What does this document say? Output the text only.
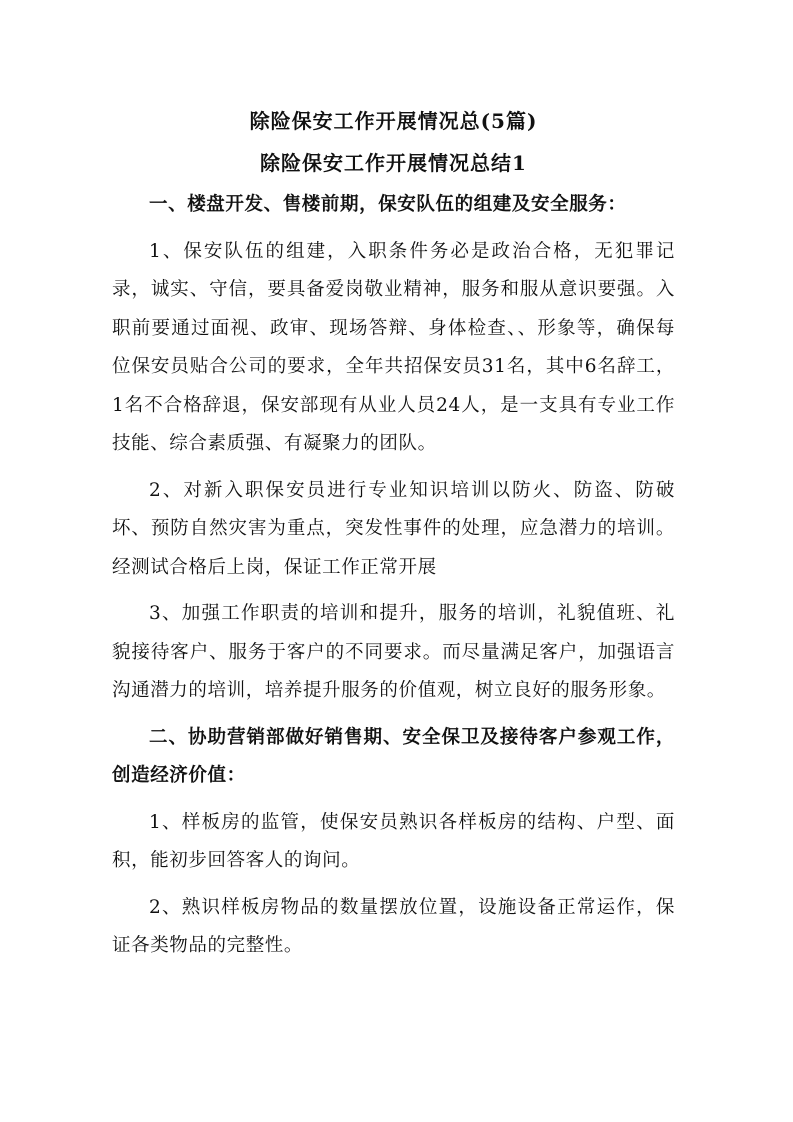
除险保安工作开展情况总(5篇)
除险保安工作开展情况总结1

一、楼盘开发、售楼前期，保安队伍的组建及安全服务：

1、保安队伍的组建，入职条件务必是政治合格，无犯罪记录，诚实、守信，要具备爱岗敬业精神，服务和服从意识要强。入职前要通过面视、政审、现场答辩、身体检查、、形象等，确保每位保安员贴合公司的要求，全年共招保安员31名，其中6名辞工，1名不合格辞退，保安部现有从业人员24人，是一支具有专业工作技能、综合素质强、有凝聚力的团队。

2、对新入职保安员进行专业知识培训以防火、防盗、防破坏、预防自然灾害为重点，突发性事件的处理，应急潜力的培训。经测试合格后上岗，保证工作正常开展

3、加强工作职责的培训和提升，服务的培训，礼貌值班、礼貌接待客户、服务于客户的不同要求。而尽量满足客户，加强语言沟通潜力的培训，培养提升服务的价值观，树立良好的服务形象。

二、协助营销部做好销售期、安全保卫及接待客户参观工作，创造经济价值：

1、样板房的监管，使保安员熟识各样板房的结构、户型、面积，能初步回答客人的询问。

2、熟识样板房物品的数量摆放位置，设施设备正常运作，保证各类物品的完整性。
